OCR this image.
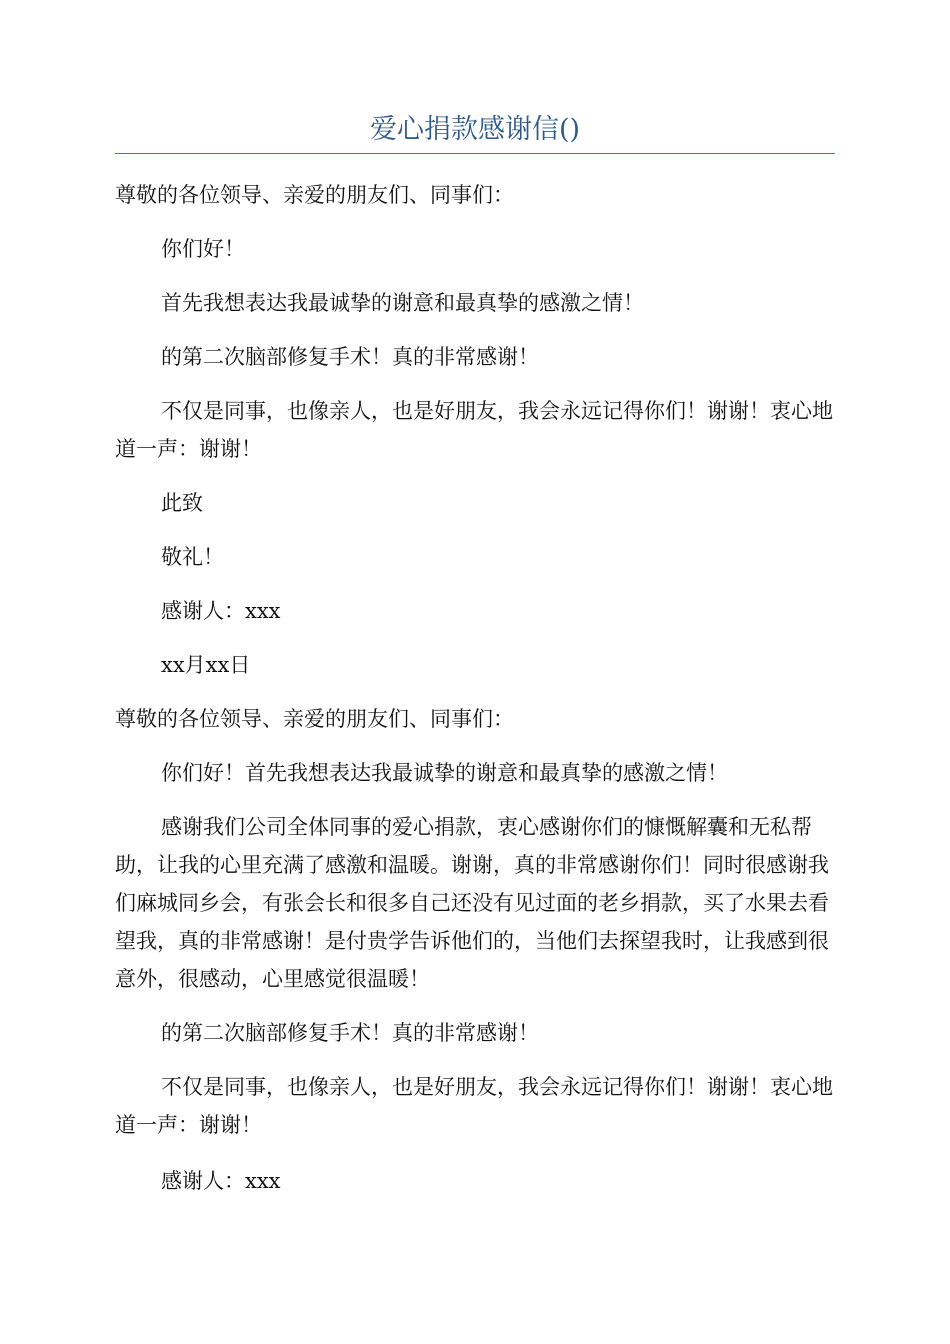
爱心捐款感谢信()

尊敬的各位领导、亲爱的朋友们、同事们：

你们好！

首先我想表达我最诚挚的谢意和最真挚的感激之情！

的第二次脑部修复手术！真的非常感谢！

不仅是同事，也像亲人，也是好朋友，我会永远记得你们！谢谢！衷心地道一声：谢谢！

此致

敬礼！

感谢人：xxx

xx月xx日

尊敬的各位领导、亲爱的朋友们、同事们：

你们好！首先我想表达我最诚挚的谢意和最真挚的感激之情！

感谢我们公司全体同事的爱心捐款，衷心感谢你们的慷慨解囊和无私帮助，让我的心里充满了感激和温暖。谢谢，真的非常感谢你们！同时很感谢我们麻城同乡会，有张会长和很多自己还没有见过面的老乡捐款，买了水果去看望我，真的非常感谢！是付贵学告诉他们的，当他们去探望我时，让我感到很意外，很感动，心里感觉很温暖！

的第二次脑部修复手术！真的非常感谢！

不仅是同事，也像亲人，也是好朋友，我会永远记得你们！谢谢！衷心地道一声：谢谢！

感谢人：xxx
